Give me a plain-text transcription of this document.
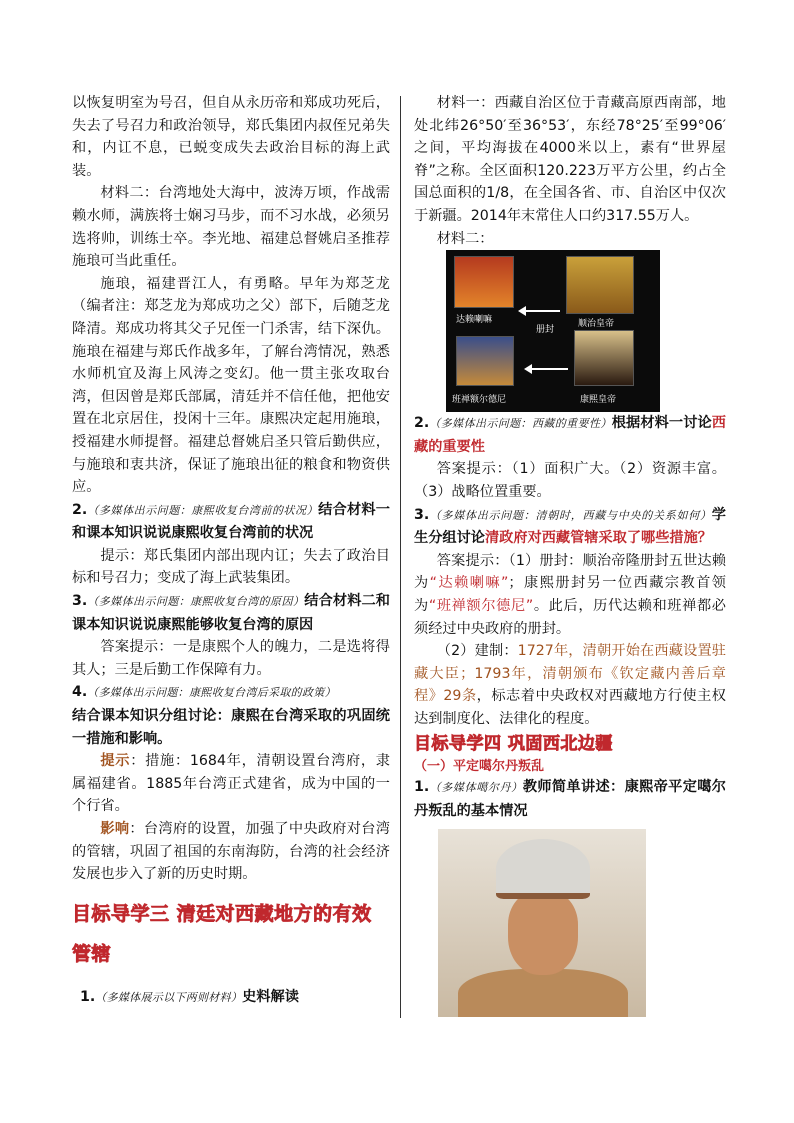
以恢复明室为号召，但自从永历帝和郑成功死后，失去了号召力和政治领导，郑氏集团内叔侄兄弟失和，内讧不息，已蜕变成失去政治目标的海上武装。

材料二：台湾地处大海中，波涛万顷，作战需赖水师，满族将士娴习马步，而不习水战，必须另选将帅，训练士卒。李光地、福建总督姚启圣推荐施琅可当此重任。

施琅，福建晋江人，有勇略。早年为郑芝龙（编者注：郑芝龙为郑成功之父）部下，后随芝龙降清。郑成功将其父子兄侄一门杀害，结下深仇。施琅在福建与郑氏作战多年，了解台湾情况，熟悉水师机宜及海上风涛之变幻。他一贯主张攻取台湾，但因曾是郑氏部属，清廷并不信任他，把他安置在北京居住，投闲十三年。康熙决定起用施琅，授福建水师提督。福建总督姚启圣只管后勤供应，与施琅和衷共济，保证了施琅出征的粮食和物资供应。

2.（多媒体出示问题：康熙收复台湾前的状况）结合材料一和课本知识说说康熙收复台湾前的状况

提示：郑氏集团内部出现内讧；失去了政治目标和号召力；变成了海上武装集团。

3.（多媒体出示问题：康熙收复台湾的原因）结合材料二和课本知识说说康熙能够收复台湾的原因

答案提示：一是康熙个人的魄力，二是选将得其人；三是后勤工作保障有力。

4.（多媒体出示问题：康熙收复台湾后采取的政策）
结合课本知识分组讨论：康熙在台湾采取的巩固统一措施和影响。

提示：措施：1684年，清朝设置台湾府，隶属福建省。1885年台湾正式建省，成为中国的一个行省。

影响：台湾府的设置，加强了中央政府对台湾的管辖，巩固了祖国的东南海防，台湾的社会经济发展也步入了新的历史时期。

目标导学三 清廷对西藏地方的有效管辖

1.（多媒体展示以下两则材料）史料解读

材料一：西藏自治区位于青藏高原西南部，地处北纬26°50′至36°53′，东经78°25′至99°06′之间，平均海拔在4000米以上，素有“世界屋脊”之称。全区面积120.223万平方公里，约占全国总面积的1/8，在全国各省、市、自治区中仅次于新疆。2014年末常住人口约317.55万人。

材料二：

达赖喇嘛	顺治皇帝
册封
班禅额尔德尼	康熙皇帝

2.（多媒体出示问题：西藏的重要性）根据材料一讨论西藏的重要性

答案提示：（1）面积广大。（2）资源丰富。（3）战略位置重要。

3.（多媒体出示问题：清朝时，西藏与中央的关系如何）学生分组讨论清政府对西藏管辖采取了哪些措施？

答案提示：（1）册封：顺治帝隆册封五世达赖为“达赖喇嘛”；康熙册封另一位西藏宗教首领为“班禅额尔德尼”。此后，历代达赖和班禅都必须经过中央政府的册封。

（2）建制：1727年，清朝开始在西藏设置驻藏大臣；1793年，清朝颁布《钦定藏内善后章程》29条，标志着中央政权对西藏地方行使主权达到制度化、法律化的程度。

目标导学四 巩固西北边疆

（一）平定噶尔丹叛乱

1.（多媒体噶尔丹）教师简单讲述：康熙帝平定噶尔丹叛乱的基本情况
